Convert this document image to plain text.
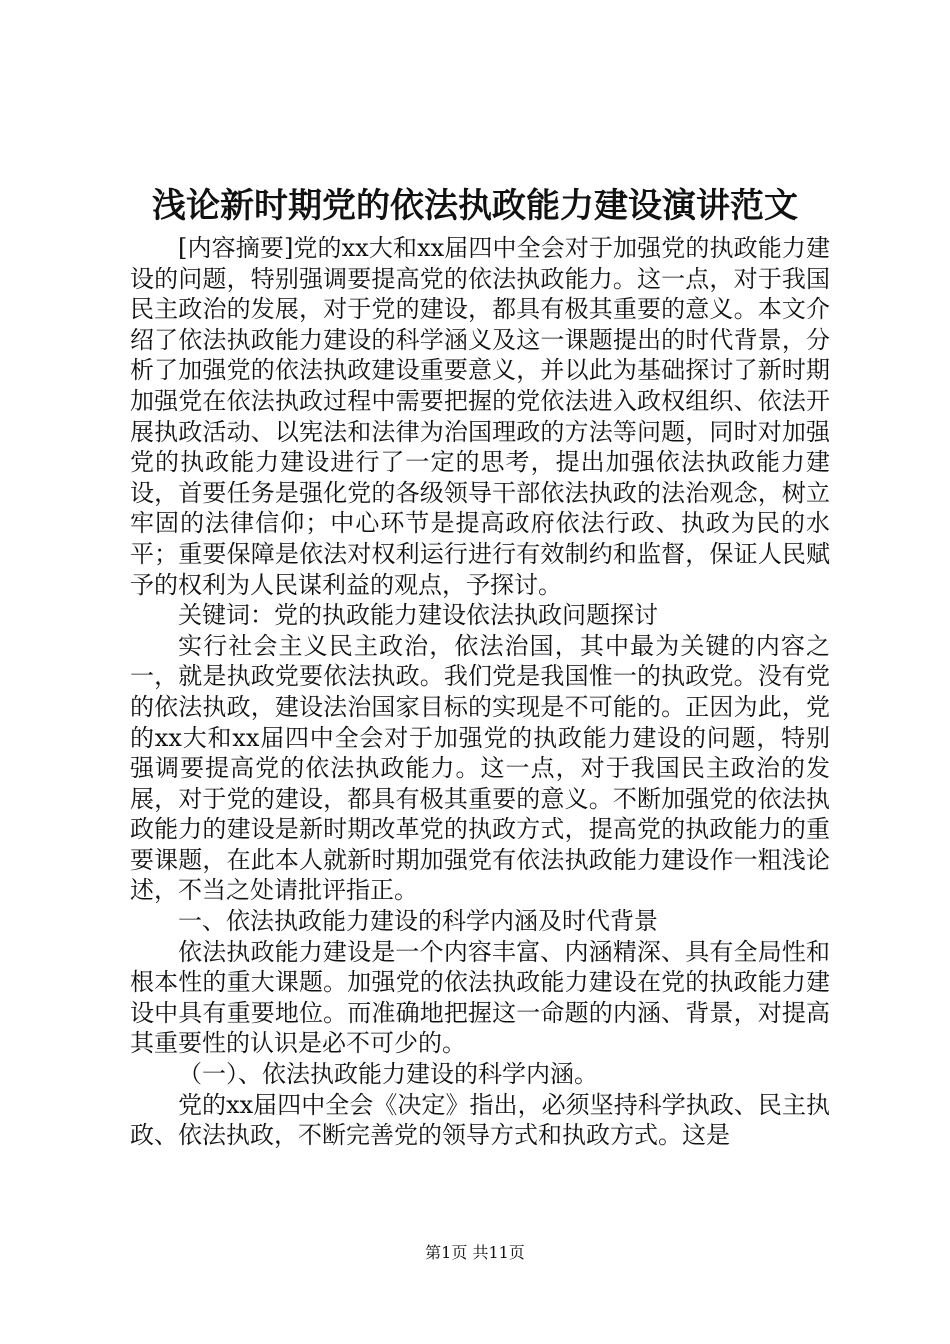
浅论新时期党的依法执政能力建设演讲范文

[内容摘要]党的xx大和xx届四中全会对于加强党的执政能力建设的问题，特别强调要提高党的依法执政能力。这一点，对于我国民主政治的发展，对于党的建设，都具有极其重要的意义。本文介绍了依法执政能力建设的科学涵义及这一课题提出的时代背景，分析了加强党的依法执政建设重要意义，并以此为基础探讨了新时期加强党在依法执政过程中需要把握的党依法进入政权组织、依法开展执政活动、以宪法和法律为治国理政的方法等问题，同时对加强党的执政能力建设进行了一定的思考，提出加强依法执政能力建设，首要任务是强化党的各级领导干部依法执政的法治观念，树立牢固的法律信仰；中心环节是提高政府依法行政、执政为民的水平；重要保障是依法对权利运行进行有效制约和监督，保证人民赋予的权利为人民谋利益的观点，予探讨。

关键词：党的执政能力建设依法执政问题探讨

实行社会主义民主政治，依法治国，其中最为关键的内容之一，就是执政党要依法执政。我们党是我国惟一的执政党。没有党的依法执政，建设法治国家目标的实现是不可能的。正因为此，党的xx大和xx届四中全会对于加强党的执政能力建设的问题，特别强调要提高党的依法执政能力。这一点，对于我国民主政治的发展，对于党的建设，都具有极其重要的意义。不断加强党的依法执政能力的建设是新时期改革党的执政方式，提高党的执政能力的重要课题，在此本人就新时期加强党有依法执政能力建设作一粗浅论述，不当之处请批评指正。

一、依法执政能力建设的科学内涵及时代背景

依法执政能力建设是一个内容丰富、内涵精深、具有全局性和根本性的重大课题。加强党的依法执政能力建设在党的执政能力建设中具有重要地位。而准确地把握这一命题的内涵、背景，对提高其重要性的认识是必不可少的。

（一）、依法执政能力建设的科学内涵。

党的xx届四中全会《决定》指出，必须坚持科学执政、民主执政、依法执政，不断完善党的领导方式和执政方式。这是

第1页 共11页
